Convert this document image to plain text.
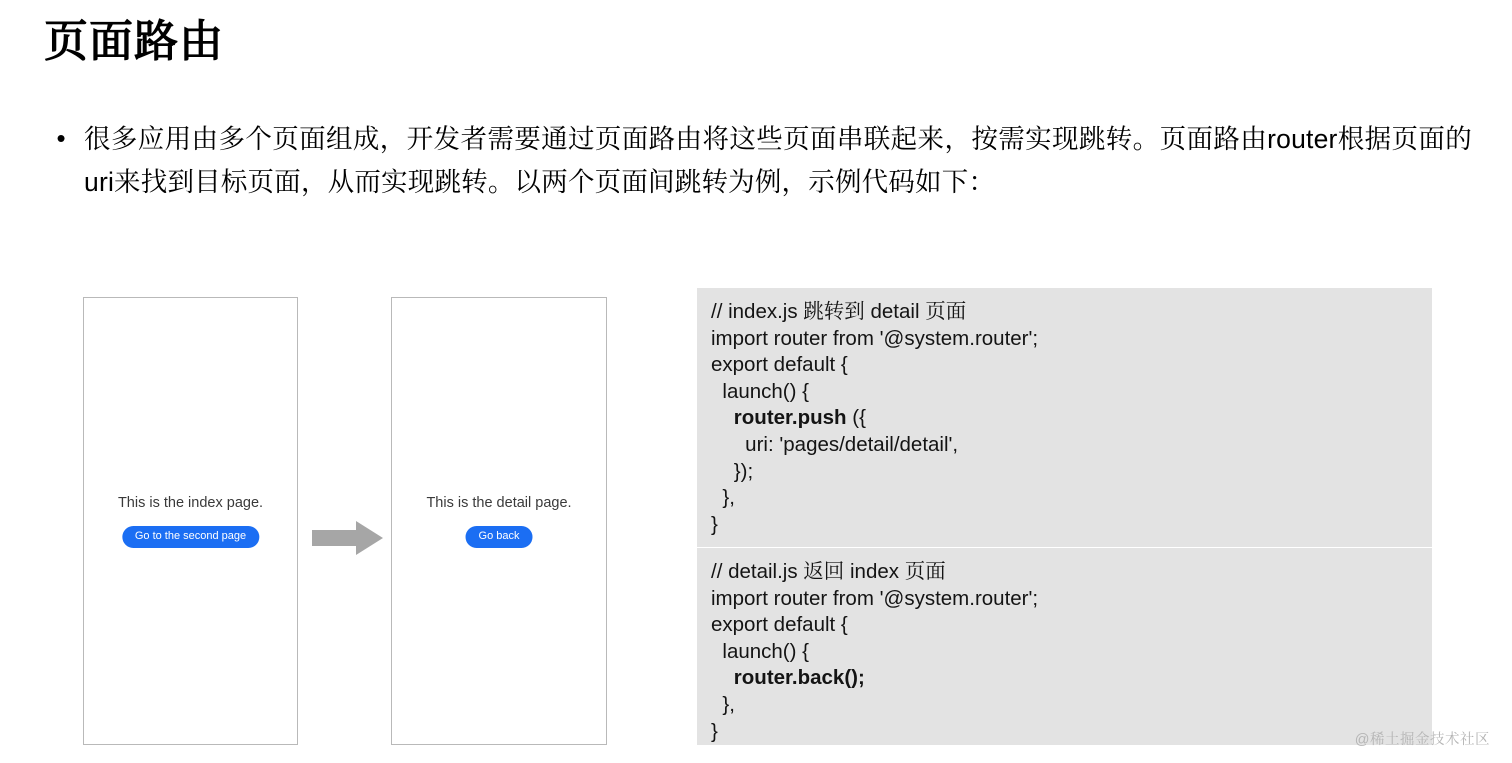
页面路由
• 很多应用由多个页面组成，开发者需要通过页面路由将这些页面串联起来，按需实现跳转。页面路由router根据页面的uri来找到目标页面，从而实现跳转。以两个页面间跳转为例，示例代码如下：
This is the index page.
Go to the second page
This is the detail page.
Go back
// index.js 跳转到 detail 页面
import router from '@system.router';
export default {
launch() {
router.push ({
uri: 'pages/detail/detail',
});
},
}
// detail.js 返回 index 页面
import router from '@system.router';
export default {
launch() {
router.back();
},
}	@稀土掘金技术社区
